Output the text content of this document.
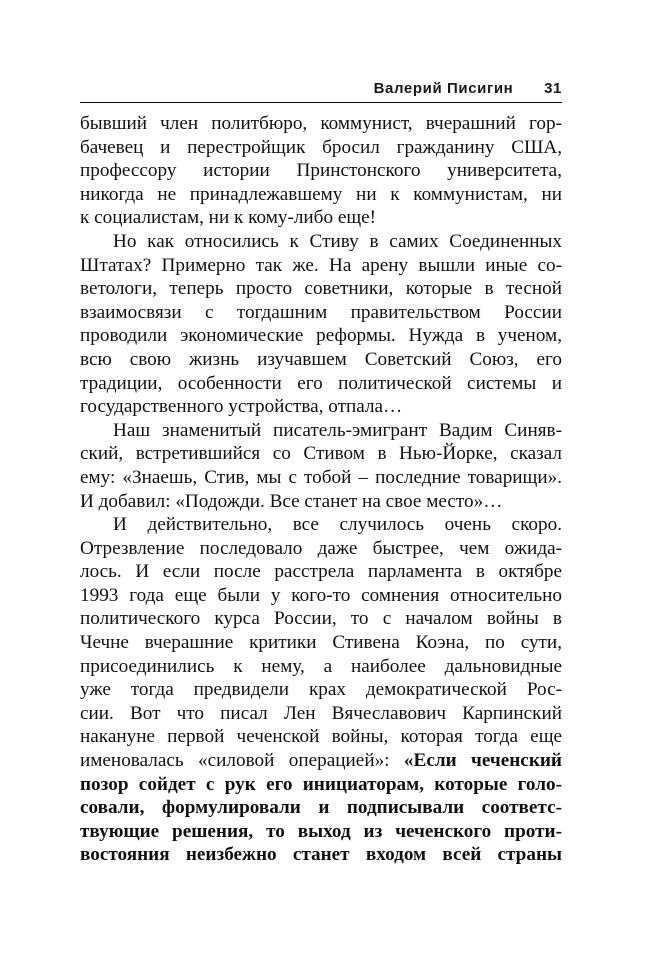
Валерий Писигин 31
бывший член политбюро, коммунист, вчерашний гор-
бачевец и перестройщик бросил гражданину США,
профессору истории Принстонского университета,
никогда не принадлежавшему ни к коммунистам, ни
к социалистам, ни к кому-либо еще!
Но как относились к Стиву в самих Соединенных
Штатах? Примерно так же. На арену вышли иные со-
ветологи, теперь просто советники, которые в тесной
взаимосвязи с тогдашним правительством России
проводили экономические реформы. Нужда в ученом,
всю свою жизнь изучавшем Советский Союз, его
традиции, особенности его политической системы и
государственного устройства, отпала…
Наш знаменитый писатель-эмигрант Вадим Синяв-
ский, встретившийся со Стивом в Нью-Йорке, сказал
ему: «Знаешь, Стив, мы с тобой – последние товарищи».
И добавил: «Подожди. Все станет на свое место»…
И действительно, все случилось очень скоро.
Отрезвление последовало даже быстрее, чем ожида-
лось. И если после расстрела парламента в октябре
1993 года еще были у кого-то сомнения относительно
политического курса России, то с началом войны в
Чечне вчерашние критики Стивена Коэна, по сути,
присоединились к нему, а наиболее дальновидные
уже тогда предвидели крах демократической Рос-
сии. Вот что писал Лен Вячеславович Карпинский
накануне первой чеченской войны, которая тогда еще
именовалась «силовой операцией»: «Если чеченский
позор сойдет с рук его инициаторам, которые голо-
совали, формулировали и подписывали соответс-
твующие решения, то выход из чеченского проти-
востояния неизбежно станет входом всей страны
